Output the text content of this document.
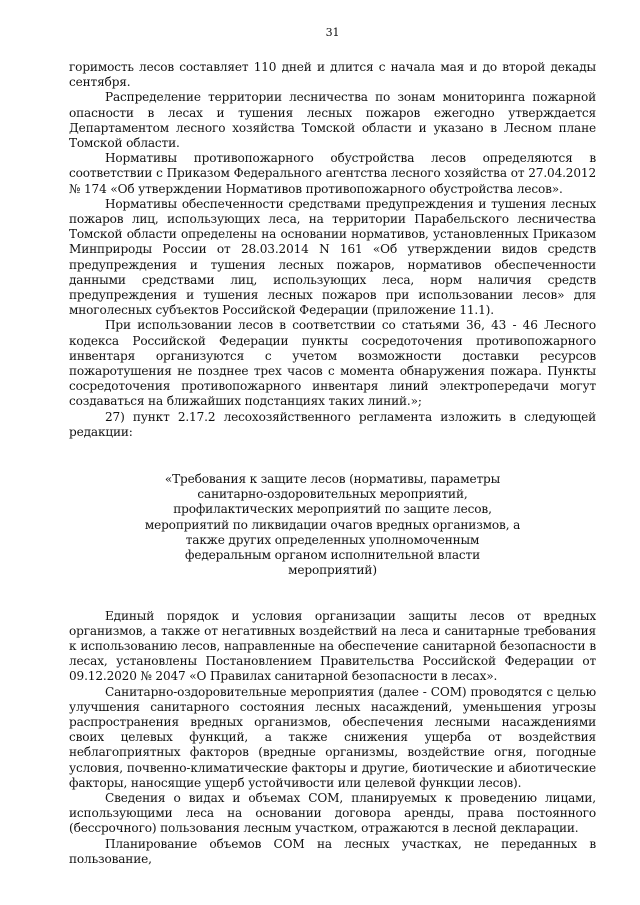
31

горимость лесов составляет 110 дней и длится с начала мая и до второй декады сентября.

Распределение территории лесничества по зонам мониторинга пожарной опасности в лесах и тушения лесных пожаров ежегодно утверждается Департаментом лесного хозяйства Томской области и указано в Лесном плане Томской области.

Нормативы противопожарного обустройства лесов определяются в соответствии с Приказом Федерального агентства лесного хозяйства от 27.04.2012 № 174 «Об утверждении Нормативов противопожарного обустройства лесов».

Нормативы обеспеченности средствами предупреждения и тушения лесных пожаров лиц, использующих леса, на территории Парабельского лесничества Томской области определены на основании нормативов, установленных Приказом Минприроды России от 28.03.2014 N 161 «Об утверждении видов средств предупреждения и тушения лесных пожаров, нормативов обеспеченности данными средствами лиц, использующих леса, норм наличия средств предупреждения и тушения лесных пожаров при использовании лесов» для многолесных субъектов Российской Федерации (приложение 11.1).

При использовании лесов в соответствии со статьями 36, 43 - 46 Лесного кодекса Российской Федерации пункты сосредоточения противопожарного инвентаря организуются с учетом возможности доставки ресурсов пожаротушения не позднее трех часов с момента обнаружения пожара. Пункты сосредоточения противопожарного инвентаря линий электропередачи могут создаваться на ближайших подстанциях таких линий.»;

27) пункт 2.17.2 лесохозяйственного регламента изложить в следующей редакции:

«Требования к защите лесов (нормативы, параметры санитарно-оздоровительных мероприятий, профилактических мероприятий по защите лесов, мероприятий по ликвидации очагов вредных организмов, а также других определенных уполномоченным федеральным органом исполнительной власти мероприятий)

Единый порядок и условия организации защиты лесов от вредных организмов, а также от негативных воздействий на леса и санитарные требования к использованию лесов, направленные на обеспечение санитарной безопасности в лесах, установлены Постановлением Правительства Российской Федерации от 09.12.2020 № 2047 «О Правилах санитарной безопасности в лесах».

Санитарно-оздоровительные мероприятия (далее - СОМ) проводятся с целью улучшения санитарного состояния лесных насаждений, уменьшения угрозы распространения вредных организмов, обеспечения лесными насаждениями своих целевых функций, а также снижения ущерба от воздействия неблагоприятных факторов (вредные организмы, воздействие огня, погодные условия, почвенно-климатические факторы и другие, биотические и абиотические факторы, наносящие ущерб устойчивости или целевой функции лесов).

Сведения о видах и объемах СОМ, планируемых к проведению лицами, использующими леса на основании договора аренды, права постоянного (бессрочного) пользования лесным участком, отражаются в лесной декларации.

Планирование объемов СОМ на лесных участках, не переданных в пользование,
